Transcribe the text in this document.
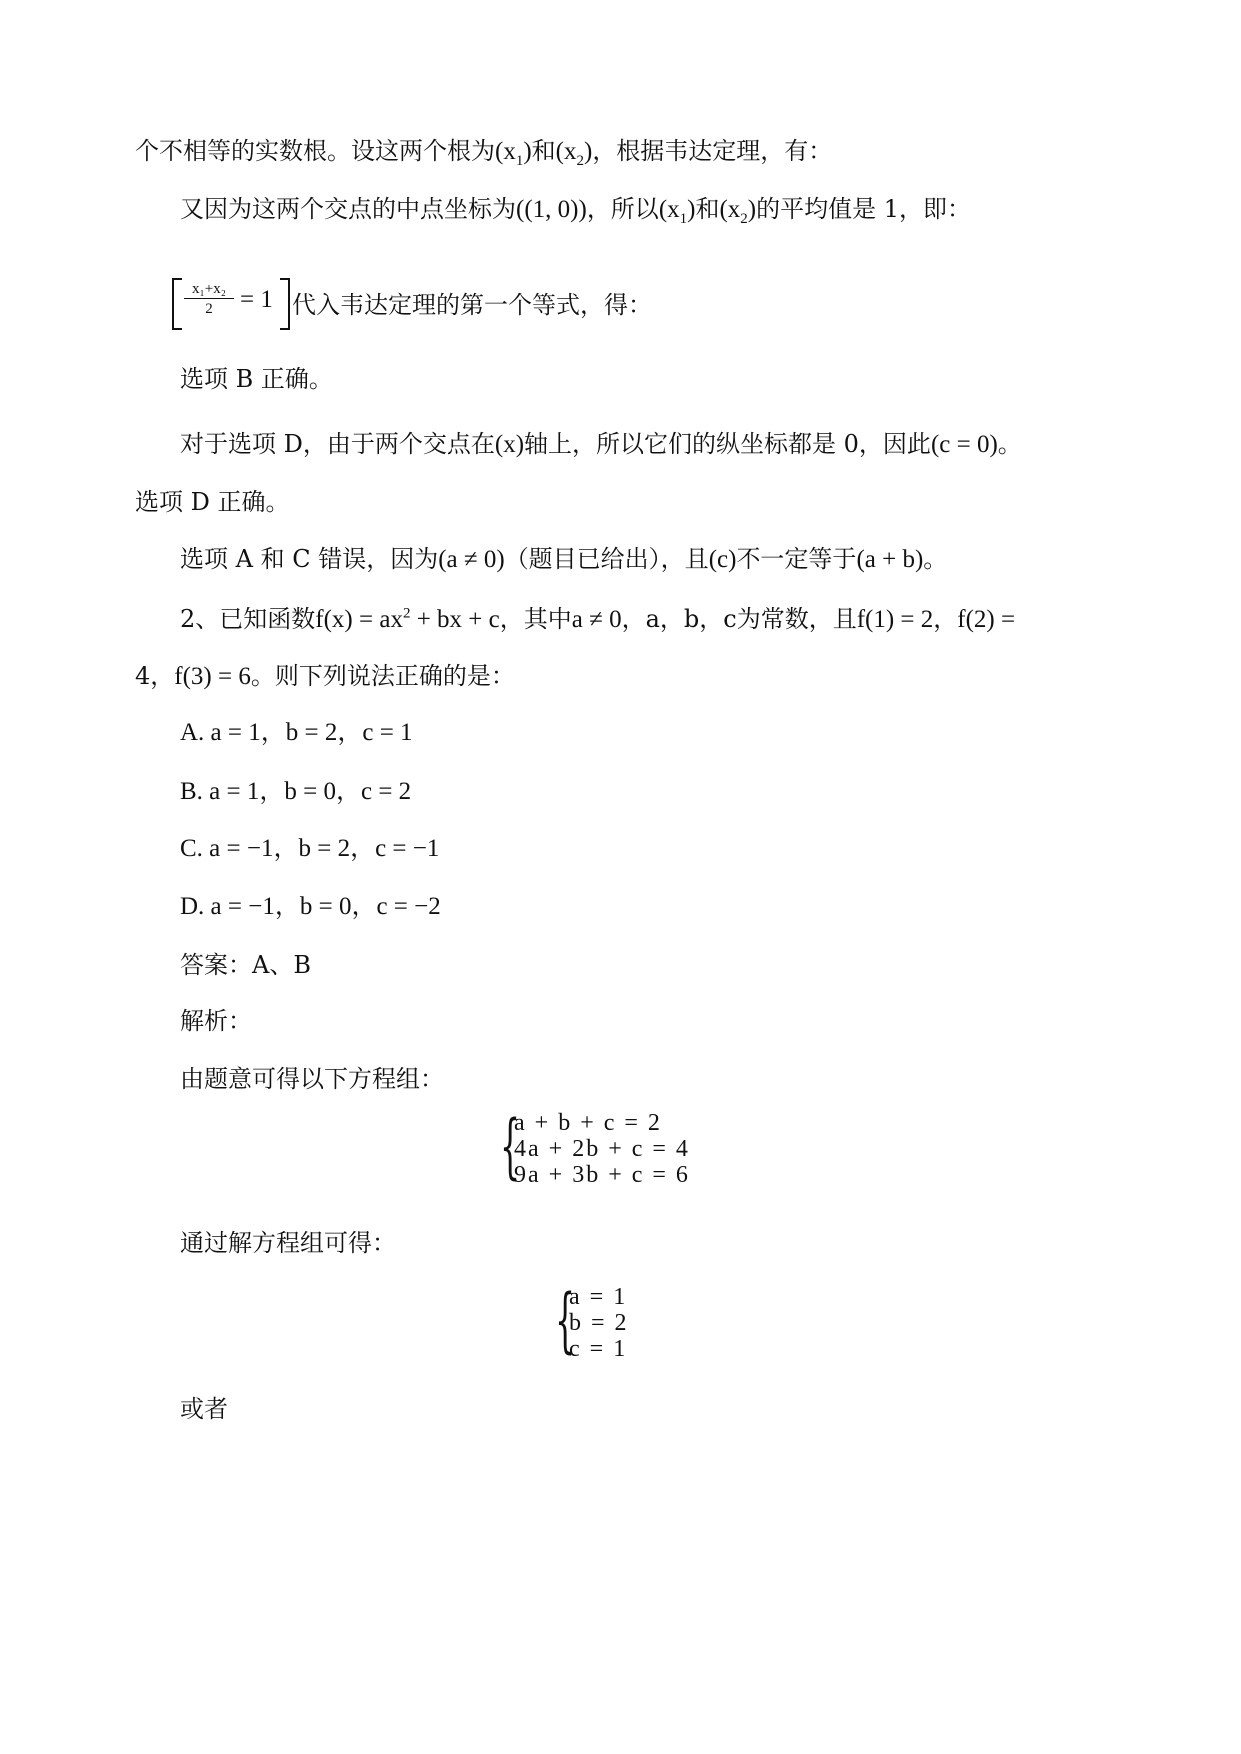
个不相等的实数根。设这两个根为$(x_1)$和$(x_2)$，根据韦达定理，有：
又因为这两个交点的中点坐标为((1, 0))，所以$(x_1)$和$(x_2)$的平均值是 1，即：
$\frac{\text{x₁+x₂}}{2} = 1$ 代入韦达定理的第一个等式，得：
选项 B 正确。
对于选项 D，由于两个交点在(x)轴上，所以它们的纵坐标都是 0，因此(c = 0)。
选项 D 正确。
选项 A 和 C 错误，因为(a ≠ 0)（题目已给出），且(c)不一定等于(a + b)。
2、已知函数$f(x) = ax^2$ + bx + c，其中a ≠ 0，a，b，c为常数，且f(1) = 2，f(2) =
4，f(3) = 6。则下列说法正确的是：
A. a = 1，b = 2，c = 1
B. a = 1，b = 0，c = 2
C. a = −1，b = 2，c = −1
D. a = −1，b = 0，c = −2
答案：A、B
解析：
由题意可得以下方程组：
{
a + b + c = 2
4a + 2b + c = 4
9a + 3b + c = 6
通过解方程组可得：
{
a = 1
b = 2
c = 1
或者
